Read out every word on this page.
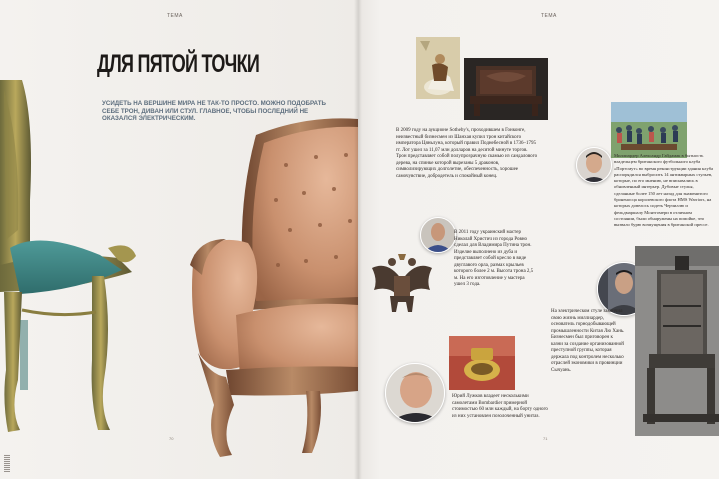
ТЕМА
ДЛЯ ПЯТОЙ ТОЧКИ

УСИДЕТЬ НА ВЕРШИНЕ МИРА НЕ ТАК-ТО ПРОСТО. МОЖНО ПОДОБРАТЬ СЕБЕ ТРОН, ДИВАН ИЛИ СТУЛ. ГЛАВНОЕ, ЧТОБЫ ПОСЛЕДНИЙ НЕ ОКАЗАЛСЯ ЭЛЕКТРИЧЕСКИМ.

70
ТЕМА

В 2009 году на аукционе Sotheby's, проходившем в Гонконге, неизвестный бизнесмен из Шанхая купил трон китайского императора Цяньлуна, который правил Поднебесной в 1736–1795 гг. Лот ушел за 11,07 млн долларов на десятой минуте торгов. Трон представляет собой полупрозрачную скамью из сандалового дерева, на спинке которой вырезаны 5 драконов, символизирующих долголетие, обеспеченность, хорошее самочувствие, добродетель и спокойный конец.

Миллиардер Александр Гайдамак в бытность владельцем британского футбольного клуба «Портсмут» во время реконструкции здания клуба распорядился выбросить 14 антикварных стульев, которые, по его мнению, не вписывались в обновленный интерьер. Дубовые стулья, сделанные более 150 лет назад для знаменитого броненосца королевского флота HMS Warriors, на которых довелось сидеть Черчиллю и фельдмаршалу Монтгомери в отличном состоянии, были обнаружены на помойке, что вызвало бурю возмущения в британской прессе.

В 2011 году украинский мастер Николай Христич из города Ровно сделал для Владимира Путина трон. Изделие выполнено из дуба и представляет собой кресло в виде двуглавого орла, размах крыльев которого более 2 м. Высота трона 2,5 м. На его изготовление у мастера ушел 3 года.

Юрий Лужков владеет несколькими самолетами Bombardier примерной стоимостью 60 млн каждый, на борту одного из них установлен позолоченный унитаз.

На электрическом стуле закончил свою жизнь миллиардер, основатель горнодобывающей промышленности Китая Лю Хань. Бизнесмен был приговорен к казни за создание организованной преступной группы, которая держала под контролем несколько отраслей экономики в провинции Сычуань.

71
